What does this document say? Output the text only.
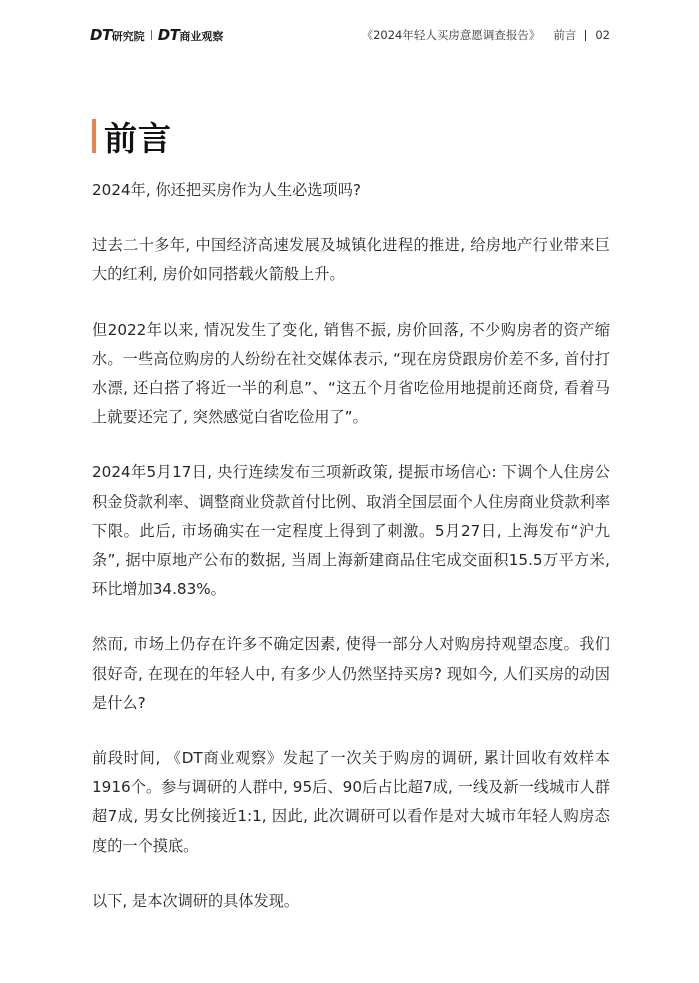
DT 研究院 DT 商业观察	《2024年轻人买房意愿调查报告》 前言 02
前言

2024年, 你还把买房作为人生必选项吗?

过去二十多年, 中国经济高速发展及城镇化进程的推进, 给房地产行业带来巨大的红利, 房价如同搭载火箭般上升。

但2022年以来, 情况发生了变化, 销售不振, 房价回落, 不少购房者的资产缩水。一些高位购房的人纷纷在社交媒体表示, “现在房贷跟房价差不多, 首付打水漂, 还白搭了将近一半的利息”、“这五个月省吃俭用地提前还商贷, 看着马上就要还完了, 突然感觉白省吃俭用了”。

2024年5月17日, 央行连续发布三项新政策, 提振市场信心: 下调个人住房公积金贷款利率、调整商业贷款首付比例、取消全国层面个人住房商业贷款利率下限。此后, 市场确实在一定程度上得到了刺激。5月27日, 上海发布“沪九条”, 据中原地产公布的数据, 当周上海新建商品住宅成交面积15.5万平方米, 环比增加34.83%。

然而, 市场上仍存在许多不确定因素, 使得一部分人对购房持观望态度。我们很好奇, 在现在的年轻人中, 有多少人仍然坚持买房? 现如今, 人们买房的动因是什么?

前段时间, 《DT商业观察》发起了一次关于购房的调研, 累计回收有效样本1916个。参与调研的人群中, 95后、90后占比超7成, 一线及新一线城市人群超7成, 男女比例接近1:1, 因此, 此次调研可以看作是对大城市年轻人购房态度的一个摸底。

以下, 是本次调研的具体发现。
